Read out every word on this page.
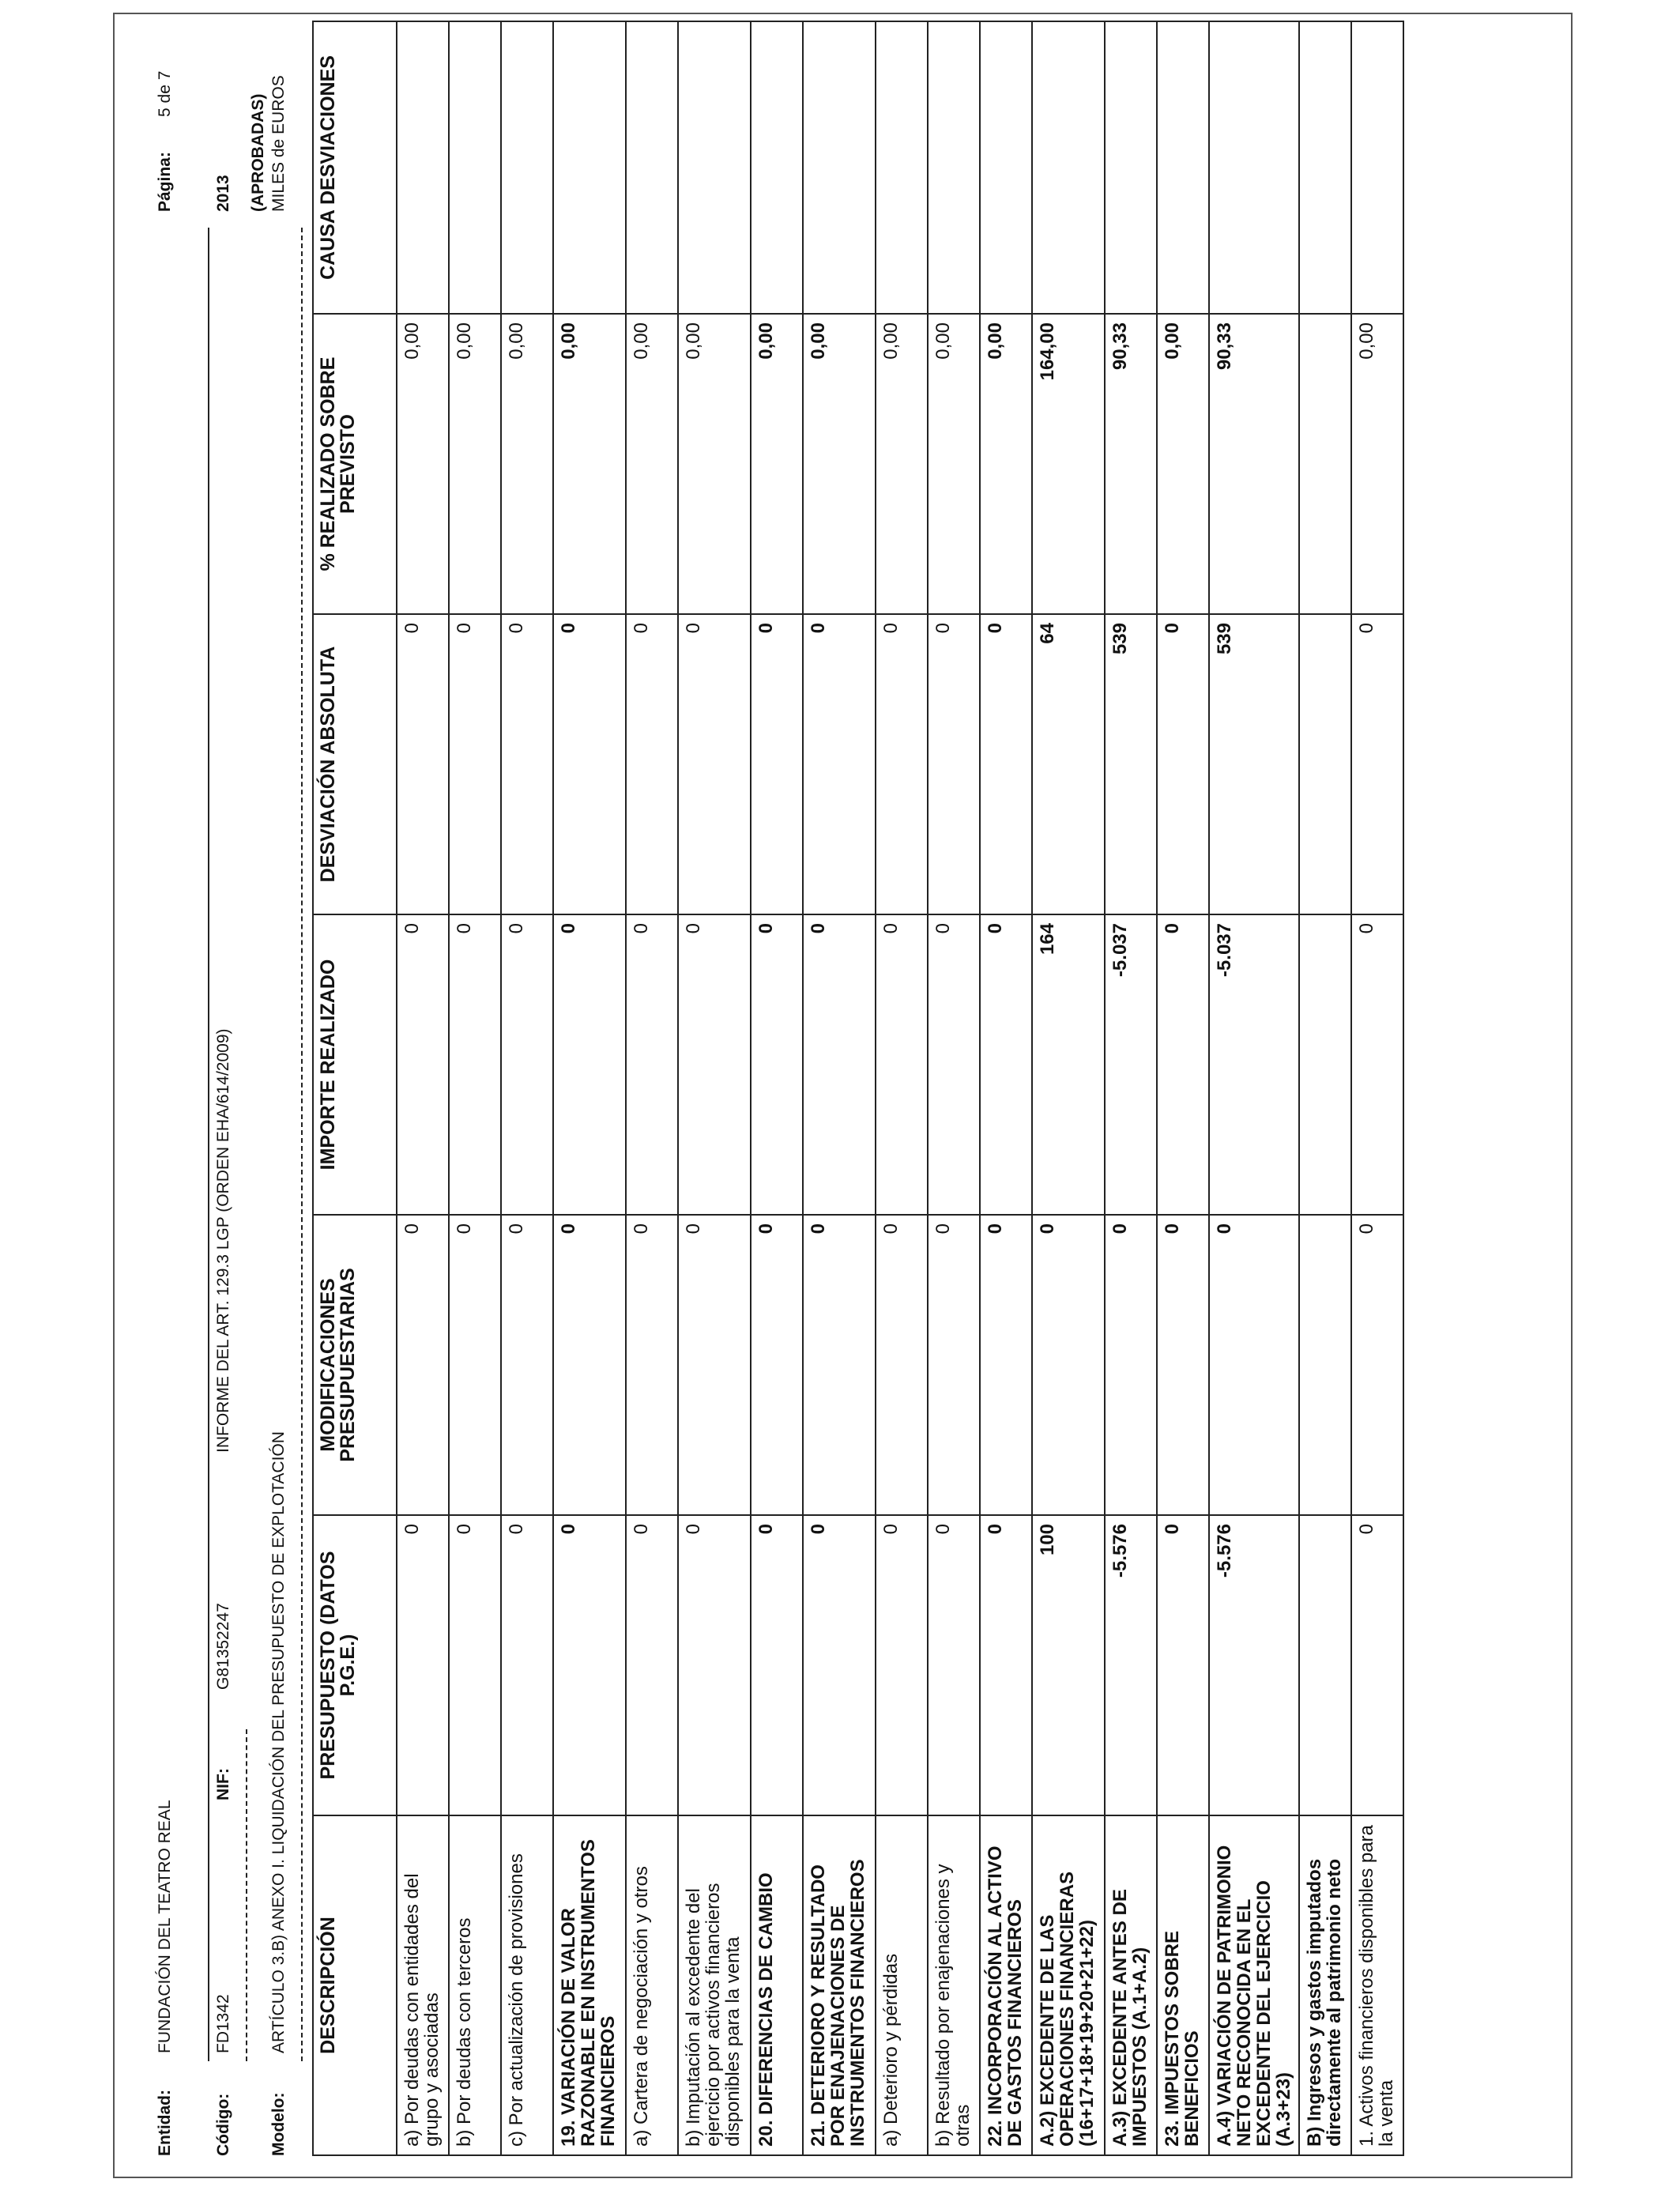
Entidad:
FUNDACIÓN DEL TEATRO REAL
Código:
FD1342
NIF:
G81352247
INFORME DEL ART. 129.3 LGP (ORDEN EHA/614/2009)
Modelo:
ARTÍCULO 3.B) ANEXO I. LIQUIDACIÓN DEL PRESUPUESTO DE EXPLOTACIÓN
Página:
5 de 7
2013 (APROBADAS) MILES de EUROS
DESCRIPCIÓN	PRESUPUESTO (DATOS P.G.E.)	MODIFICACIONES PRESUPUESTARIAS	IMPORTE REALIZADO	DESVIACIÓN ABSOLUTA	% REALIZADO SOBRE PREVISTO	CAUSA DESVIACIONES
a) Por deudas con entidades del grupo y asociadas	0	0	0	0	0,00	
b) Por deudas con terceros	0	0	0	0	0,00	
c) Por actualización de provisiones	0	0	0	0	0,00	
19. VARIACIÓN DE VALOR RAZONABLE EN INSTRUMENTOS FINANCIEROS	0	0	0	0	0,00	
a) Cartera de negociación y otros	0	0	0	0	0,00	
b) Imputación al excedente del ejercicio por activos financieros disponibles para la venta	0	0	0	0	0,00	
20. DIFERENCIAS DE CAMBIO	0	0	0	0	0,00	
21. DETERIORO Y RESULTADO POR ENAJENACIONES DE INSTRUMENTOS FINANCIEROS	0	0	0	0	0,00	
a) Deterioro y pérdidas	0	0	0	0	0,00	
b) Resultado por enajenaciones y otras	0	0	0	0	0,00	
22. INCORPORACIÓN AL ACTIVO DE GASTOS FINANCIEROS	0	0	0	0	0,00	
A.2) EXCEDENTE DE LAS OPERACIONES FINANCIERAS (16+17+18+19+20+21+22)	100	0	164	64	164,00	
A.3) EXCEDENTE ANTES DE IMPUESTOS (A.1+A.2)	-5.576	0	-5.037	539	90,33	
23. IMPUESTOS SOBRE BENEFICIOS	0	0	0	0	0,00	
A.4) VARIACIÓN DE PATRIMONIO NETO RECONOCIDA EN EL EXCEDENTE DEL EJERCICIO (A.3+23)	-5.576	0	-5.037	539	90,33	
B) Ingresos y gastos imputados directamente al patrimonio neto						
1. Activos financieros disponibles para la venta	0	0	0	0	0,00	
